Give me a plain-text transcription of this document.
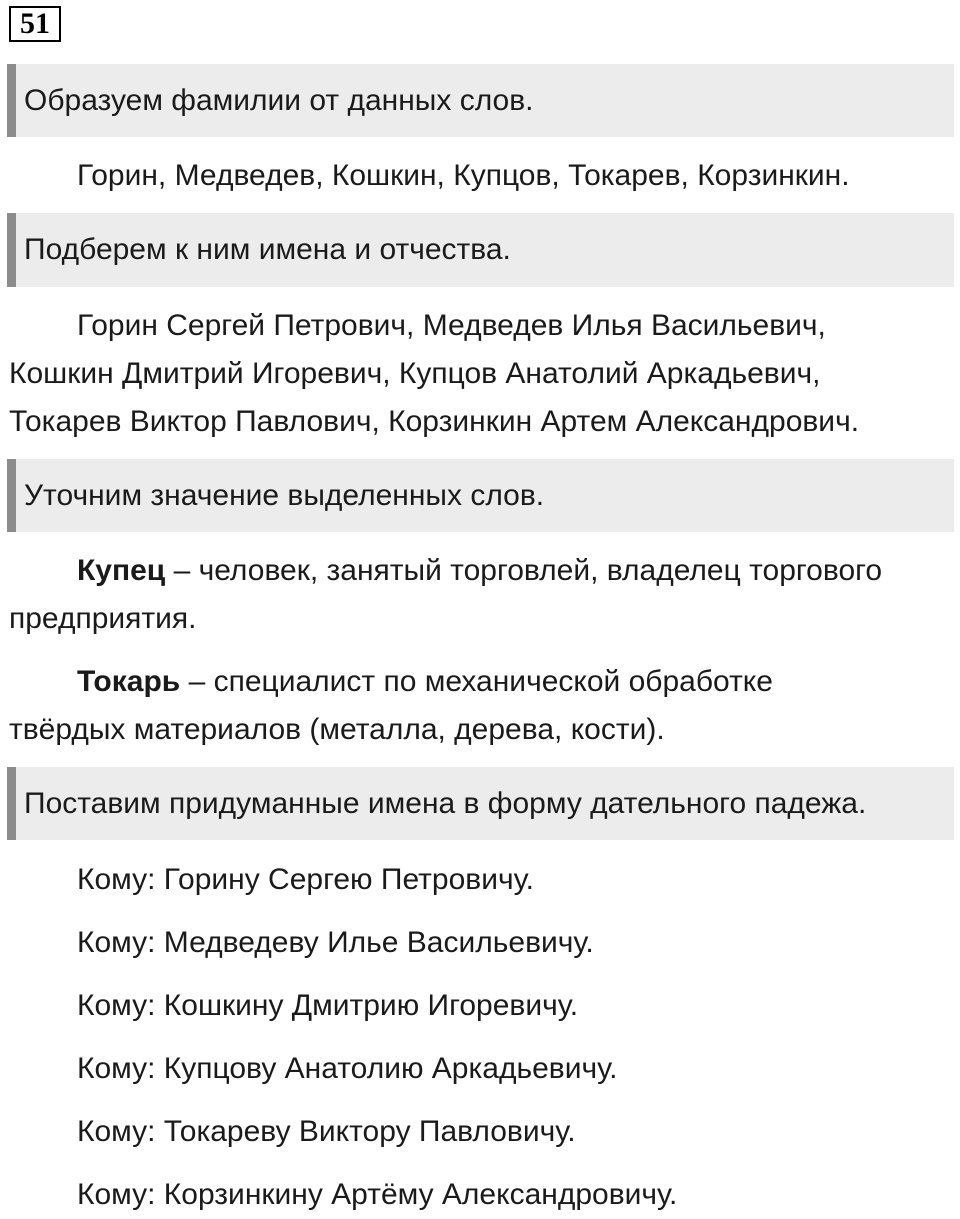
51
Образуем фамилии от данных слов.
Горин, Медведев, Кошкин, Купцов, Токарев, Корзинкин.
Подберем к ним имена и отчества.
Горин Сергей Петрович, Медведев Илья Васильевич,
Кошкин Дмитрий Игоревич, Купцов Анатолий Аркадьевич,
Токарев Виктор Павлович, Корзинкин Артем Александрович.
Уточним значение выделенных слов.
Купец – человек, занятый торговлей, владелец торгового
предприятия.
Токарь – специалист по механической обработке
твёрдых материалов (металла, дерева, кости).
Поставим придуманные имена в форму дательного падежа.
Кому: Горину Сергею Петровичу.
Кому: Медведеву Илье Васильевичу.
Кому: Кошкину Дмитрию Игоревичу.
Кому: Купцову Анатолию Аркадьевичу.
Кому: Токареву Виктору Павловичу.
Кому: Корзинкину Артёму Александровичу.
